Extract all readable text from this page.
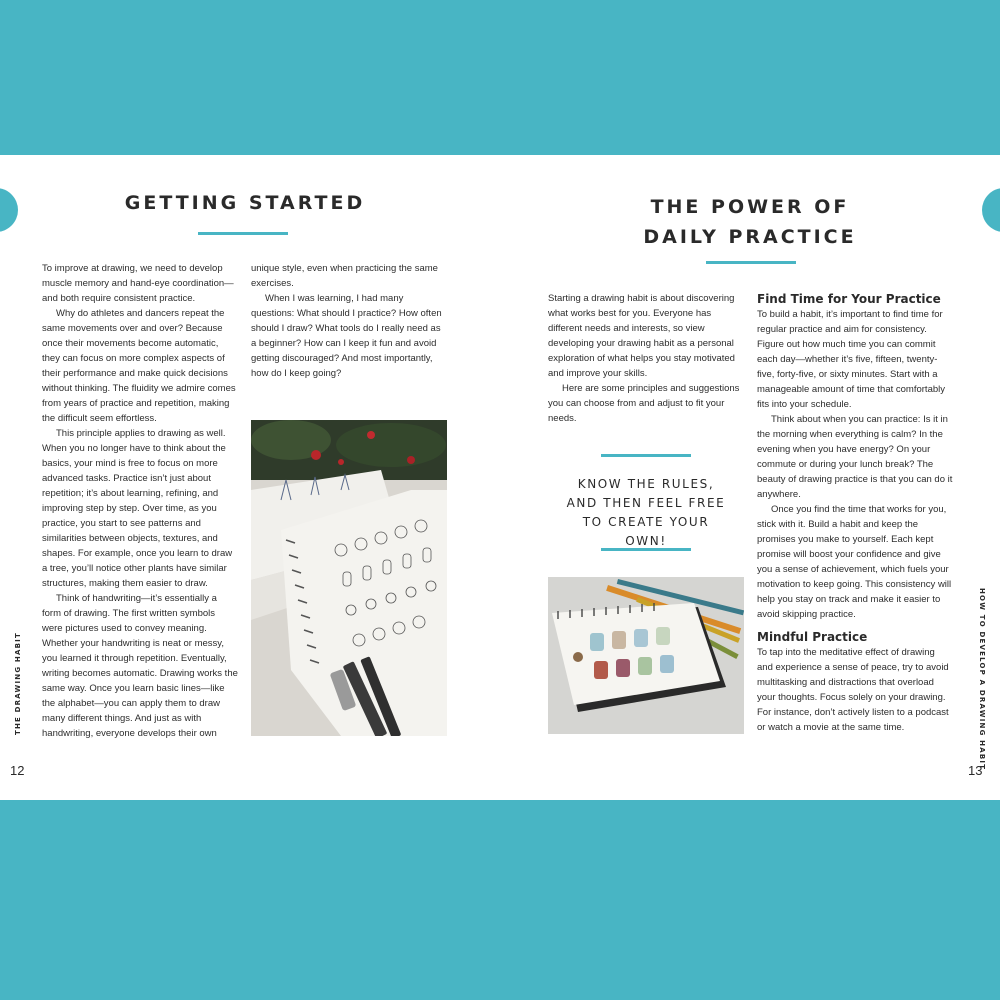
GETTING STARTED

To improve at drawing, we need to develop muscle memory and hand-eye coordination—and both require consistent practice.

Why do athletes and dancers repeat the same movements over and over? Because once their movements become automatic, they can focus on more complex aspects of their performance and make quick decisions without thinking. The fluidity we admire comes from years of practice and repetition, making the difficult seem effortless.

This principle applies to drawing as well. When you no longer have to think about the basics, your mind is free to focus on more advanced tasks. Practice isn’t just about repetition; it’s about learning, refining, and improving step by step. Over time, as you practice, you start to see patterns and similarities between objects, textures, and shapes. For example, once you learn to draw a tree, you’ll notice other plants have similar structures, making them easier to draw.

Think of handwriting—it’s essentially a form of drawing. The first written symbols were pictures used to convey meaning. Whether your handwriting is neat or messy, you learned it through repetition. Eventually, writing becomes automatic. Drawing works the same way. Once you learn basic lines—like the alphabet—you can apply them to draw many different things. And just as with handwriting, everyone develops their own

unique style, even when practicing the same exercises.

When I was learning, I had many questions: What should I practice? How often should I draw? What tools do I really need as a beginner? How can I keep it fun and avoid getting discouraged? And most importantly, how do I keep going?

THE DRAWING HABIT
12
THE POWER OF
DAILY PRACTICE

Starting a drawing habit is about discovering what works best for you. Everyone has different needs and interests, so view developing your drawing habit as a personal exploration of what helps you stay motivated and improve your skills.

Here are some principles and suggestions you can choose from and adjust to fit your needs.

KNOW THE RULES, AND THEN FEEL FREE TO CREATE YOUR OWN!
Find Time for Your Practice

To build a habit, it’s important to find time for regular practice and aim for consistency. Figure out how much time you can commit each day—whether it’s five, fifteen, twenty-five, forty-five, or sixty minutes. Start with a manageable amount of time that comfortably fits into your schedule.

Think about when you can practice: Is it in the morning when everything is calm? In the evening when you have energy? On your commute or during your lunch break? The beauty of drawing practice is that you can do it anywhere.

Once you find the time that works for you, stick with it. Build a habit and keep the promises you make to yourself. Each kept promise will boost your confidence and give you a sense of achievement, which fuels your motivation to keep going. This consistency will help you stay on track and make it easier to avoid skipping practice.

Mindful Practice

To tap into the meditative effect of drawing and experience a sense of peace, try to avoid multitasking and distractions that overload your thoughts. Focus solely on your drawing. For instance, don’t actively listen to a podcast or watch a movie at the same time.	HOW TO DEVELOP A DRAWING HABIT
13
